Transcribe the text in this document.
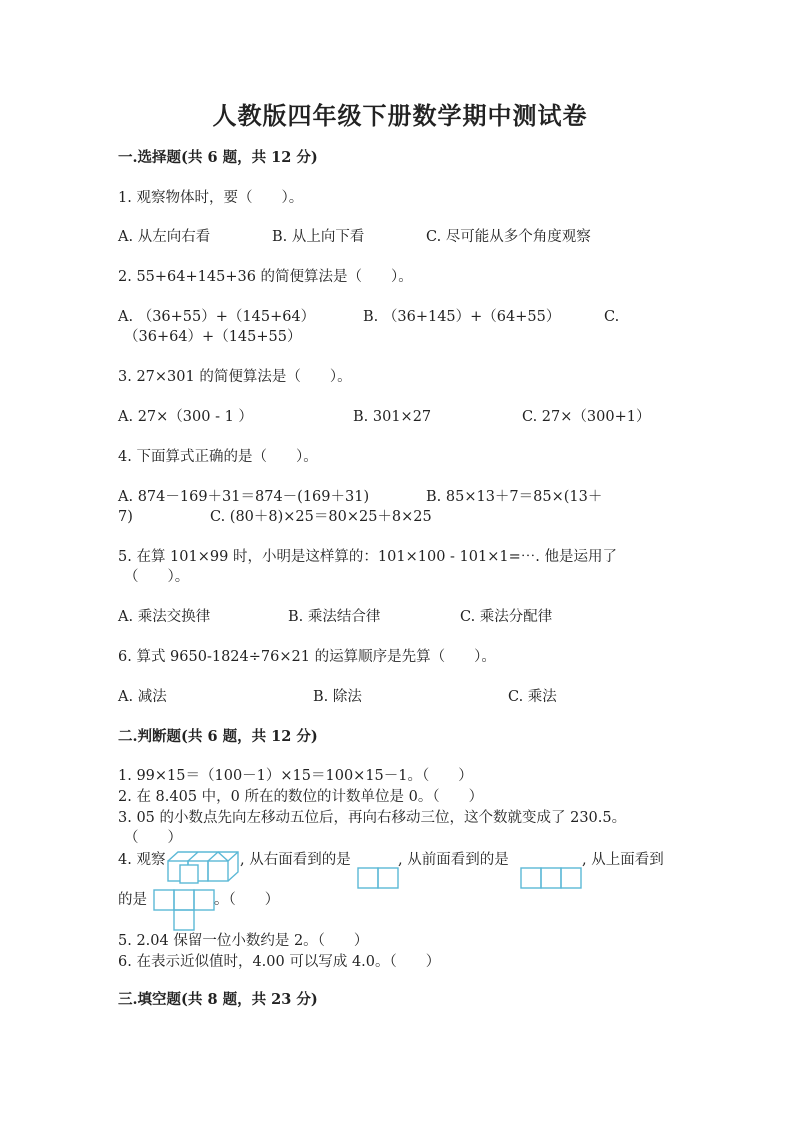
人教版四年级下册数学期中测试卷
一.选择题(共 6 题，共 12 分)
1. 观察物体时，要（　　）。
A. 从左向右看	B. 从上向下看	C. 尽可能从多个角度观察
2. 55+64+145+36 的简便算法是（　　）。
A. （36+55）+（145+64）	B. （36+145）+（64+55）	C.
（36+64）+（145+55）
3. 27×301 的简便算法是（　　）。
A. 27×（300 - 1 ）	B. 301×27	C. 27×（300+1）
4. 下面算式正确的是（　　）。
A. 874－169＋31＝874－(169＋31)	B. 85×13＋7＝85×(13＋
7)	C. (80＋8)×25＝80×25＋8×25
5. 在算 101×99 时，小明是这样算的：101×100 - 101×1=⋯. 他是运用了
（　　）。
A. 乘法交换律	B. 乘法结合律	C. 乘法分配律
6. 算式 9650-1824÷76×21 的运算顺序是先算（　　）。
A. 减法	B. 除法	C. 乘法
二.判断题(共 6 题，共 12 分)
1. 99×15＝（100－1）×15＝100×15－1。（　　）
2. 在 8.405 中，0 所在的数位的计数单位是 0。（　　）
3. 05 的小数点先向左移动五位后，再向右移动三位，这个数就变成了 230.5。
（　　）
4. 观察	, 从右面看到的是	, 从前面看到的是	, 从上面看到
的是	。（　　）
5. 2.04 保留一位小数约是 2。（　　）
6. 在表示近似值时，4.00 可以写成 4.0。（　　）
三.填空题(共 8 题，共 23 分)
